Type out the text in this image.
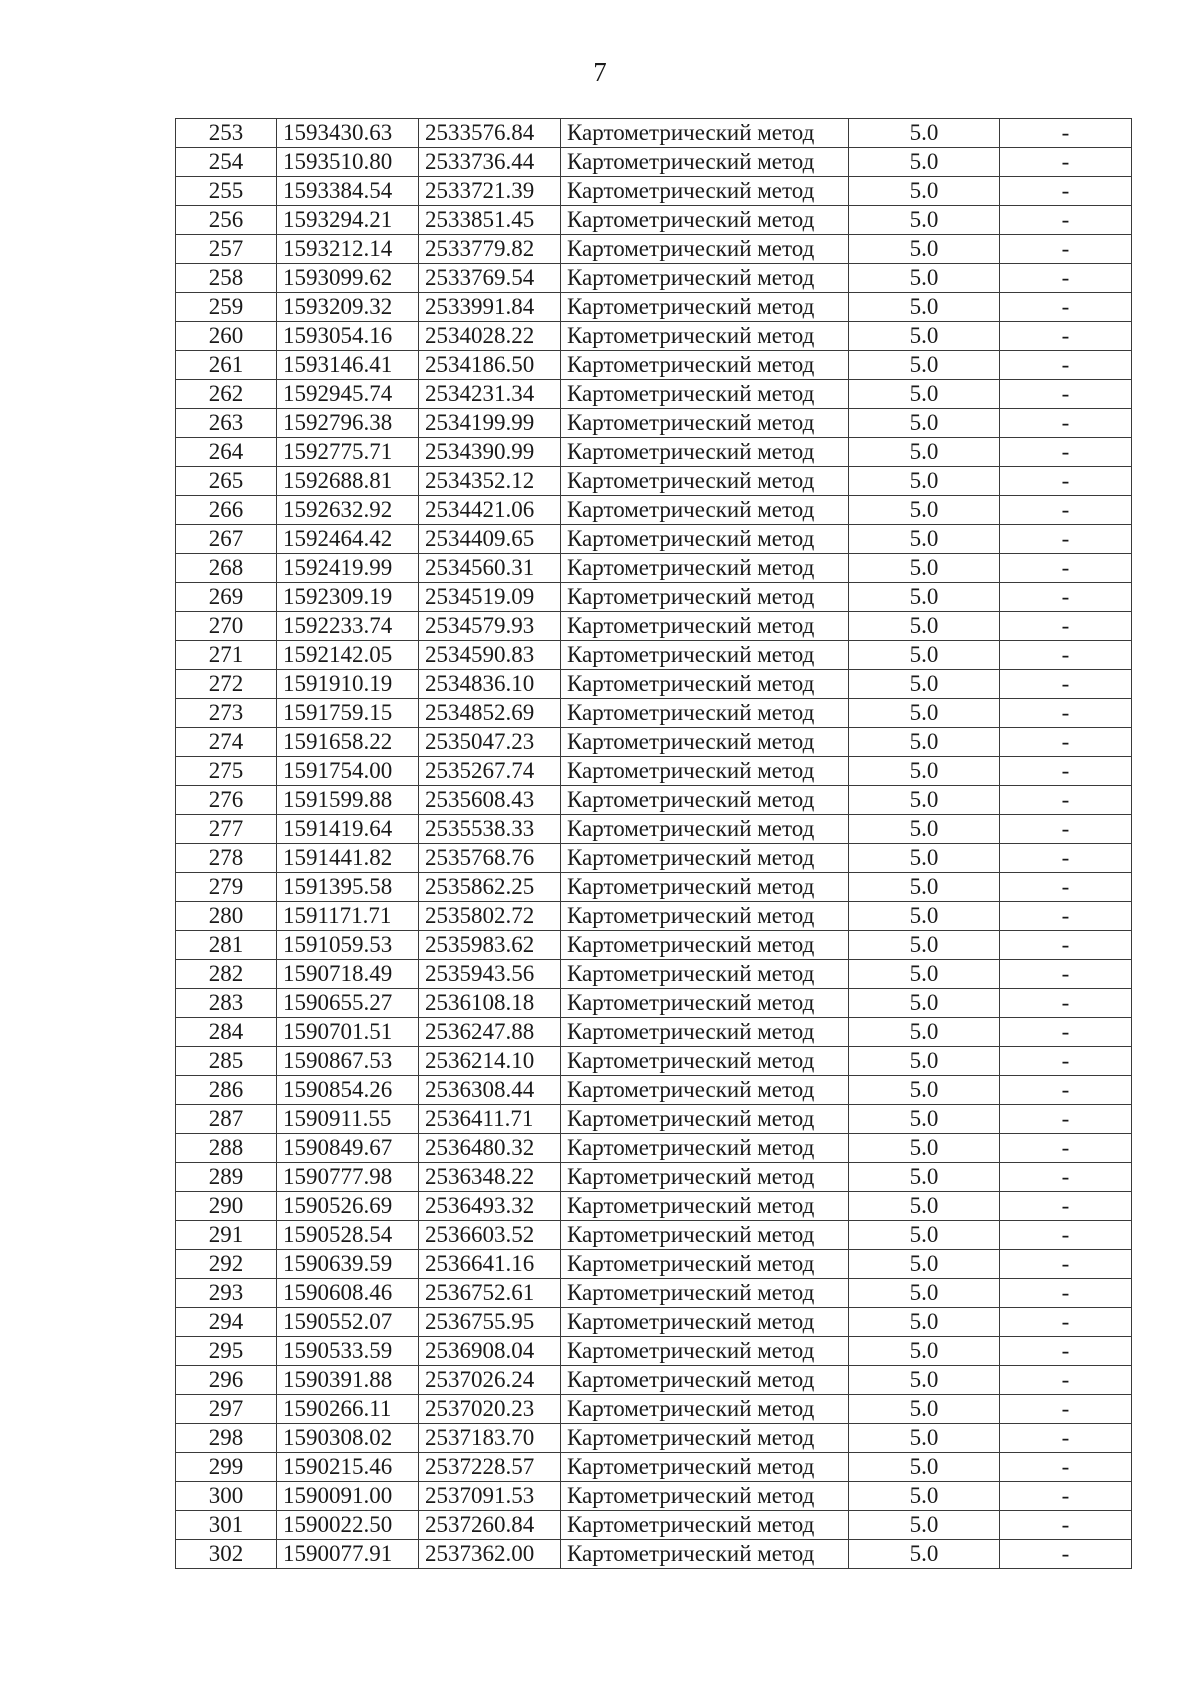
7
253	1593430.63	2533576.84	Картометрический метод	5.0	-
254	1593510.80	2533736.44	Картометрический метод	5.0	-
255	1593384.54	2533721.39	Картометрический метод	5.0	-
256	1593294.21	2533851.45	Картометрический метод	5.0	-
257	1593212.14	2533779.82	Картометрический метод	5.0	-
258	1593099.62	2533769.54	Картометрический метод	5.0	-
259	1593209.32	2533991.84	Картометрический метод	5.0	-
260	1593054.16	2534028.22	Картометрический метод	5.0	-
261	1593146.41	2534186.50	Картометрический метод	5.0	-
262	1592945.74	2534231.34	Картометрический метод	5.0	-
263	1592796.38	2534199.99	Картометрический метод	5.0	-
264	1592775.71	2534390.99	Картометрический метод	5.0	-
265	1592688.81	2534352.12	Картометрический метод	5.0	-
266	1592632.92	2534421.06	Картометрический метод	5.0	-
267	1592464.42	2534409.65	Картометрический метод	5.0	-
268	1592419.99	2534560.31	Картометрический метод	5.0	-
269	1592309.19	2534519.09	Картометрический метод	5.0	-
270	1592233.74	2534579.93	Картометрический метод	5.0	-
271	1592142.05	2534590.83	Картометрический метод	5.0	-
272	1591910.19	2534836.10	Картометрический метод	5.0	-
273	1591759.15	2534852.69	Картометрический метод	5.0	-
274	1591658.22	2535047.23	Картометрический метод	5.0	-
275	1591754.00	2535267.74	Картометрический метод	5.0	-
276	1591599.88	2535608.43	Картометрический метод	5.0	-
277	1591419.64	2535538.33	Картометрический метод	5.0	-
278	1591441.82	2535768.76	Картометрический метод	5.0	-
279	1591395.58	2535862.25	Картометрический метод	5.0	-
280	1591171.71	2535802.72	Картометрический метод	5.0	-
281	1591059.53	2535983.62	Картометрический метод	5.0	-
282	1590718.49	2535943.56	Картометрический метод	5.0	-
283	1590655.27	2536108.18	Картометрический метод	5.0	-
284	1590701.51	2536247.88	Картометрический метод	5.0	-
285	1590867.53	2536214.10	Картометрический метод	5.0	-
286	1590854.26	2536308.44	Картометрический метод	5.0	-
287	1590911.55	2536411.71	Картометрический метод	5.0	-
288	1590849.67	2536480.32	Картометрический метод	5.0	-
289	1590777.98	2536348.22	Картометрический метод	5.0	-
290	1590526.69	2536493.32	Картометрический метод	5.0	-
291	1590528.54	2536603.52	Картометрический метод	5.0	-
292	1590639.59	2536641.16	Картометрический метод	5.0	-
293	1590608.46	2536752.61	Картометрический метод	5.0	-
294	1590552.07	2536755.95	Картометрический метод	5.0	-
295	1590533.59	2536908.04	Картометрический метод	5.0	-
296	1590391.88	2537026.24	Картометрический метод	5.0	-
297	1590266.11	2537020.23	Картометрический метод	5.0	-
298	1590308.02	2537183.70	Картометрический метод	5.0	-
299	1590215.46	2537228.57	Картометрический метод	5.0	-
300	1590091.00	2537091.53	Картометрический метод	5.0	-
301	1590022.50	2537260.84	Картометрический метод	5.0	-
302	1590077.91	2537362.00	Картометрический метод	5.0	-
